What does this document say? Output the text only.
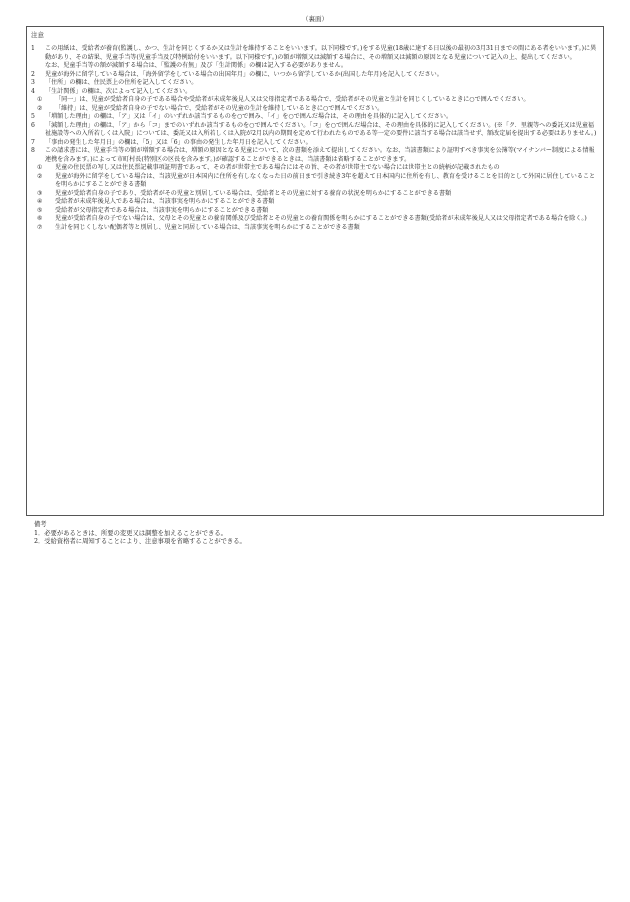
（裏面）
注意
1 この用紙は、受給者が養育(監護し、かつ、生計を同じくするか又は生計を維持することをいいます。以下同様です。)をする児童(18歳に達する日以後の最初の3月31日までの間にある者をいいます。)に異動があり、その結果、児童手当等(児童手当及び特例給付をいいます。以下同様です。)の額が増額又は減額する場合に、その増額又は減額の原因となる児童について記入の上、提出してください。
なお、児童手当等の額が減額する場合は、「監護の有無」及び「生計関係」の欄は記入する必要がありません。
2 児童が海外に留学している場合は、「海外留学をしている場合の出国年月」の欄に、いつから留学しているか(出国した年月)を記入してください。
3 「住所」の欄は、住民票上の住所を記入してください。
4 「生計関係」の欄は、次によって記入してください。
① 「同一」は、児童が受給者自身の子である場合や受給者が未成年後見人又は父母指定者である場合で、受給者がその児童と生計を同じくしているときに○で囲んでください。
② 「維持」は、児童が受給者自身の子でない場合で、受給者がその児童の生計を維持しているときに○で囲んでください。
5 「増額した理由」の欄は、「ア」又は「イ」のいずれか該当するものを○で囲み、「イ」を○で囲んだ場合は、その理由を具体的に記入してください。
6 「減額した理由」の欄は、「ア」から「コ」までのいずれか該当するものを○で囲んでください。「コ」を○で囲んだ場合は、その理由を具体的に記入してください。(※「ク．里親等への委託又は児童福祉施設等への入所若しくは入院」については、委託又は入所若しくは入院が2月以内の期間を定めて行われたものである等一定の要件に該当する場合は該当せず、額改定届を提出する必要はありません。)
7 「事由の発生した年月日」の欄は、「5」又は「6」の事由の発生した年月日を記入してください。
8 この請求書には、児童手当等の額が増額する場合は、増額の原因となる児童について、次の書類を添えて提出してください。なお、当該書類により証明すべき事実を公簿等(マイナンバー制度による情報連携を含みます。)によって市町村長(特別区の区長を含みます。)が確認することができるときは、当該書類は省略することができます。
① 児童の住民票の写し又は住民票記載事項証明書であって、その者が世帯主である場合にはその旨、その者が世帯主でない場合には世帯主との続柄が記載されたもの
② 児童が海外に留学をしている場合は、当該児童が日本国内に住所を有しなくなった日の前日まで引き続き3年を超えて日本国内に住所を有し、教育を受けることを目的として外国に居住していることを明らかにすることができる書類
③ 児童が受給者自身の子であり、受給者がその児童と別居している場合は、受給者とその児童に対する養育の状況を明らかにすることができる書類
④ 受給者が未成年後見人である場合は、当該事実を明らかにすることができる書類
⑤ 受給者が父母指定者である場合は、当該事実を明らかにすることができる書類
⑥ 児童が受給者自身の子でない場合は、父母とその児童との養育関係及び受給者とその児童との養育関係を明らかにすることができる書類(受給者が未成年後見人又は父母指定者である場合を除く。)
⑦ 生計を同じくしない配偶者等と別居し、児童と同居している場合は、当該事実を明らかにすることができる書類
備考
1．必要があるときは、所要の変更又は調整を加えることができる。
2．受給資格者に周知することにより、注意事項を省略することができる。
